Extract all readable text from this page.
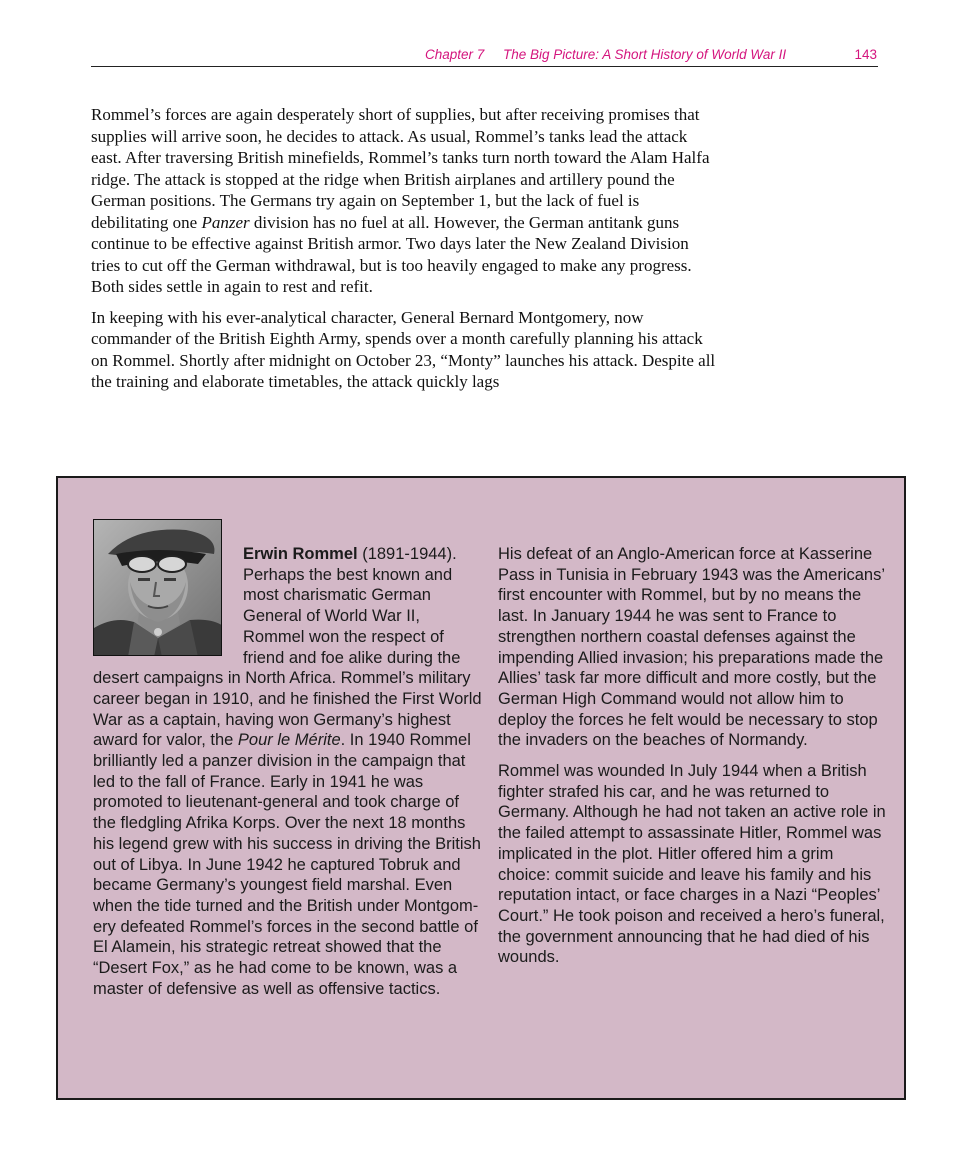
Chapter 7 The Big Picture: A Short History of World War II	143

Rommel’s forces are again desperately short of supplies, but after receiving promises that supplies will arrive soon, he decides to attack. As usual, Rommel’s tanks lead the attack east. After traversing British minefields, Rommel’s tanks turn north toward the Alam Halfa ridge. The attack is stopped at the ridge when British airplanes and artillery pound the German positions. The Germans try again on September 1, but the lack of fuel is debilitating one Panzer division has no fuel at all. However, the German antitank guns continue to be effective against British armor. Two days later the New Zealand Division tries to cut off the German withdrawal, but is too heavily engaged to make any progress. Both sides settle in again to rest and refit.

In keeping with his ever-analytical character, General Bernard Montgomery, now commander of the British Eighth Army, spends over a month carefully planning his attack on Rommel. Shortly after midnight on October 23, “Monty” launches his attack. Despite all the training and elaborate timetables, the attack quickly lags

Erwin Rommel (1891-1944). Perhaps the best known and most charismatic German General of World War II, Rommel won the respect of friend and foe alike during the desert campaigns in North Africa. Rommel’s military career began in 1910, and he finished the First World War as a captain, having won Germany’s highest award for valor, the Pour le Mérite. In 1940 Rommel brilliantly led a panzer division in the campaign that led to the fall of France. Early in 1941 he was promoted to lieutenant-general and took charge of the fledgling Afrika Korps. Over the next 18 months his legend grew with his success in driving the British out of Libya. In June 1942 he captured Tobruk and became Germany’s youngest field marshal. Even when the tide turned and the British under Montgomery defeated Rommel’s forces in the second battle of El Alamein, his strategic retreat showed that the “Desert Fox,” as he had come to be known, was a master of defensive as well as offensive tactics.

His defeat of an Anglo-American force at Kasserine Pass in Tunisia in February 1943 was the Americans’ first encounter with Rommel, but by no means the last. In January 1944 he was sent to France to strengthen northern coastal defenses against the impending Allied invasion; his preparations made the Allies’ task far more difficult and more costly, but the German High Command would not allow him to deploy the forces he felt would be necessary to stop the invaders on the beaches of Normandy.

Rommel was wounded In July 1944 when a British fighter strafed his car, and he was returned to Germany. Although he had not taken an active role in the failed attempt to assassinate Hitler, Rommel was implicated in the plot. Hitler offered him a grim choice: commit suicide and leave his family and his reputation intact, or face charges in a Nazi “Peoples’ Court.” He took poison and received a hero’s funeral, the government announcing that he had died of his wounds.
